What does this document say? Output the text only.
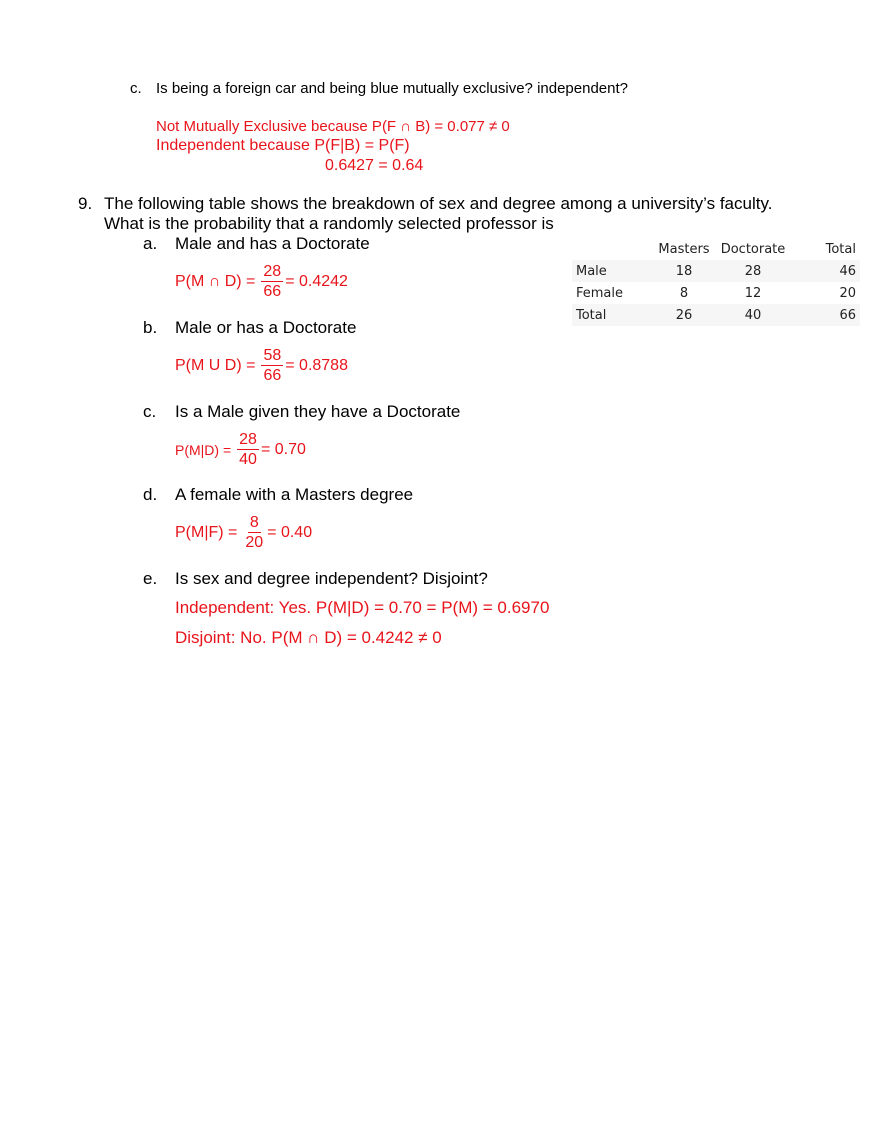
c. Is being a foreign car and being blue mutually exclusive? independent?
Not Mutually Exclusive because P(F ∩ B) = 0.077 ≠ 0
Independent because P(F|B) = P(F)
0.6427 = 0.64
9. The following table shows the breakdown of sex and degree among a university’s faculty.
What is the probability that a randomly selected professor is
a. Male and has a Doctorate
P(M ∩ $D) = \frac{28}{66} = 0.4242$
b. Male or has a Doctorate
P(M U $D) = \frac{58}{66} = 0.8788$
c. Is a Male given they have a Doctorate
$P(M|D) = \frac{28}{40} = 0.70$
d. A female with a Masters degree
$P(M|F) = \frac{8}{20} = 0.40$
e. Is sex and degree independent? Disjoint?
Independent: Yes. P(M|D) = 0.70 = P(M) = 0.6970
Disjoint: No. P(M ∩ D) = 0.4242 ≠ 0
	Masters	Doctorate	Total
Male	18	28	46
Female	8	12	20
Total	26	40	66
